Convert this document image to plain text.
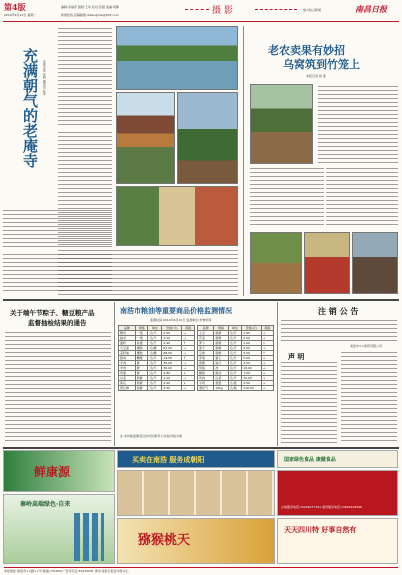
第4版
2019年6月10日 星期一
编辑:李丽萍 组版:王华 校对:张强 美编:刘静
新闻热线 投稿邮箱:dibangzhe@163.com	摄 影	地方综合新闻	南昌日报
充满朝气的老庵寺 本报记者 李明 通讯员 张平
老农卖果有妙招
乌窝筑到竹笼上
本报记者 杨 燕
关于端午节粽子、糖豆粮产品
监督抽检结果的通告
南浩市粮油等重要商品价格监测情况
监测时间:2019年6月10日 监测单位:市物价局
品种	规格	单位	价格(元)	涨跌
粳米	一级	元/斤	2.50	→
籼米	一级	元/斤	2.20	→
面粉	标准	元/斤	2.40	↑
大豆油	桶装	元/桶	62.00	→
菜籽油	桶装	元/桶	68.00	→
猪肉	精瘦	元/斤	14.50	↑
牛肉	鲜	元/斤	38.00	→
羊肉	鲜	元/斤	36.00	→
鸡蛋	鲜	元/斤	4.80	↓
白菜	新鲜	元/斤	1.20	→
黄瓜	新鲜	元/斤	2.00	↓
西红柿	新鲜	元/斤	2.50	→
品种	规格	单位	价格(元)	涨跌
土豆	新鲜	元/斤	1.50	→
芹菜	新鲜	元/斤	2.00	→
萝卜	新鲜	元/斤	1.00	↓
茄子	新鲜	元/斤	2.50	→
豆角	新鲜	元/斤	3.50	↑
苹果	富士	元/斤	5.00	→
香蕉	进口	元/斤	3.50	→
带鱼	冻	元/斤	16.00	→
鲤鱼	鲜活	元/斤	7.00	→
鸡肉	白条	元/斤	10.00	→
牛奶	袋装	元/袋	2.50	→
液化气	15kg	元/瓶	110.00	→
注:本价格监测表仅供市民参考,以实际价格为准
注 销 公 告
南浩市××商贸有限公司
声 明
鲜康源
秦岭高端绿色·自来
买卖在南浩 服务成朝阳	国家绿色食品 康健食品
山地服务电话:15291677181 南州服务电话:13891426096
猕猴桃天
天天四川特 好事自然有
本报地址:南浩市××路××号 邮编:721000 广告许可证:61030001 承印:南浩日报社印务中心
